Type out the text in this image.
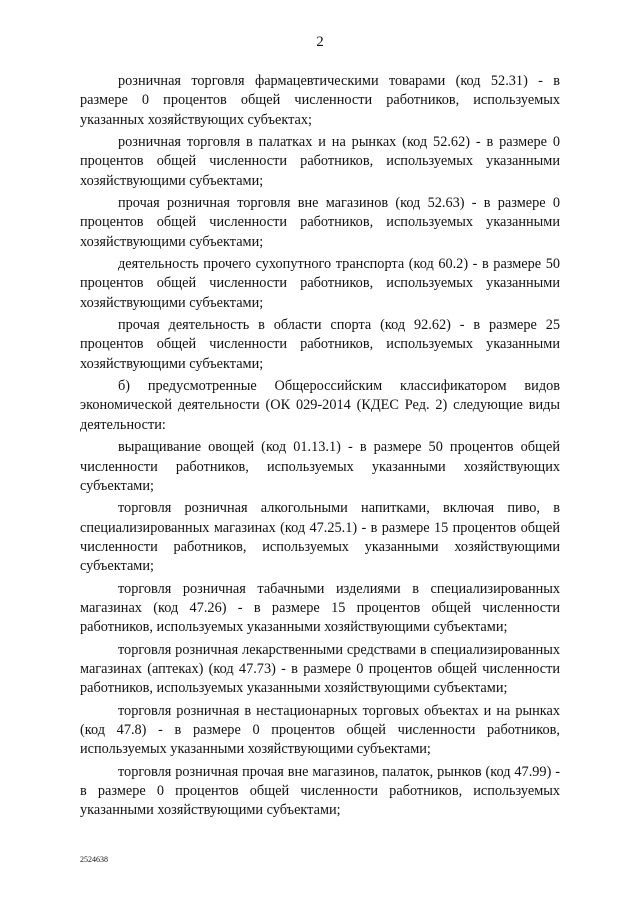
2

розничная торговля фармацевтическими товарами (код 52.31) - в размере 0 процентов общей численности работников, используемых указанных хозяйствующих субъектах;

розничная торговля в палатках и на рынках (код 52.62) - в размере 0 процентов общей численности работников, используемых указанными хозяйствующими субъектами;

прочая розничная торговля вне магазинов (код 52.63) - в размере 0 процентов общей численности работников, используемых указанными хозяйствующими субъектами;

деятельность прочего сухопутного транспорта (код 60.2) - в размере 50 процентов общей численности работников, используемых указанными хозяйствующими субъектами;

прочая деятельность в области спорта (код 92.62) - в размере 25 процентов общей численности работников, используемых указанными хозяйствующими субъектами;

б) предусмотренные Общероссийским классификатором видов экономической деятельности (ОК 029-2014 (КДЕС Ред. 2) следующие виды деятельности:

выращивание овощей (код 01.13.1) - в размере 50 процентов общей численности работников, используемых указанными хозяйствующих субъектами;

торговля розничная алкогольными напитками, включая пиво, в специализированных магазинах (код 47.25.1) - в размере 15 процентов общей численности работников, используемых указанными хозяйствующими субъектами;

торговля розничная табачными изделиями в специализированных магазинах (код 47.26) - в размере 15 процентов общей численности работников, используемых указанными хозяйствующими субъектами;

торговля розничная лекарственными средствами в специализированных магазинах (аптеках) (код 47.73) - в размере 0 процентов общей численности работников, используемых указанными хозяйствующими субъектами;

торговля розничная в нестационарных торговых объектах и на рынках (код 47.8) - в размере 0 процентов общей численности работников, используемых указанными хозяйствующими субъектами;

торговля розничная прочая вне магазинов, палаток, рынков (код 47.99) - в размере 0 процентов общей численности работников, используемых указанными хозяйствующими субъектами;

2524638
